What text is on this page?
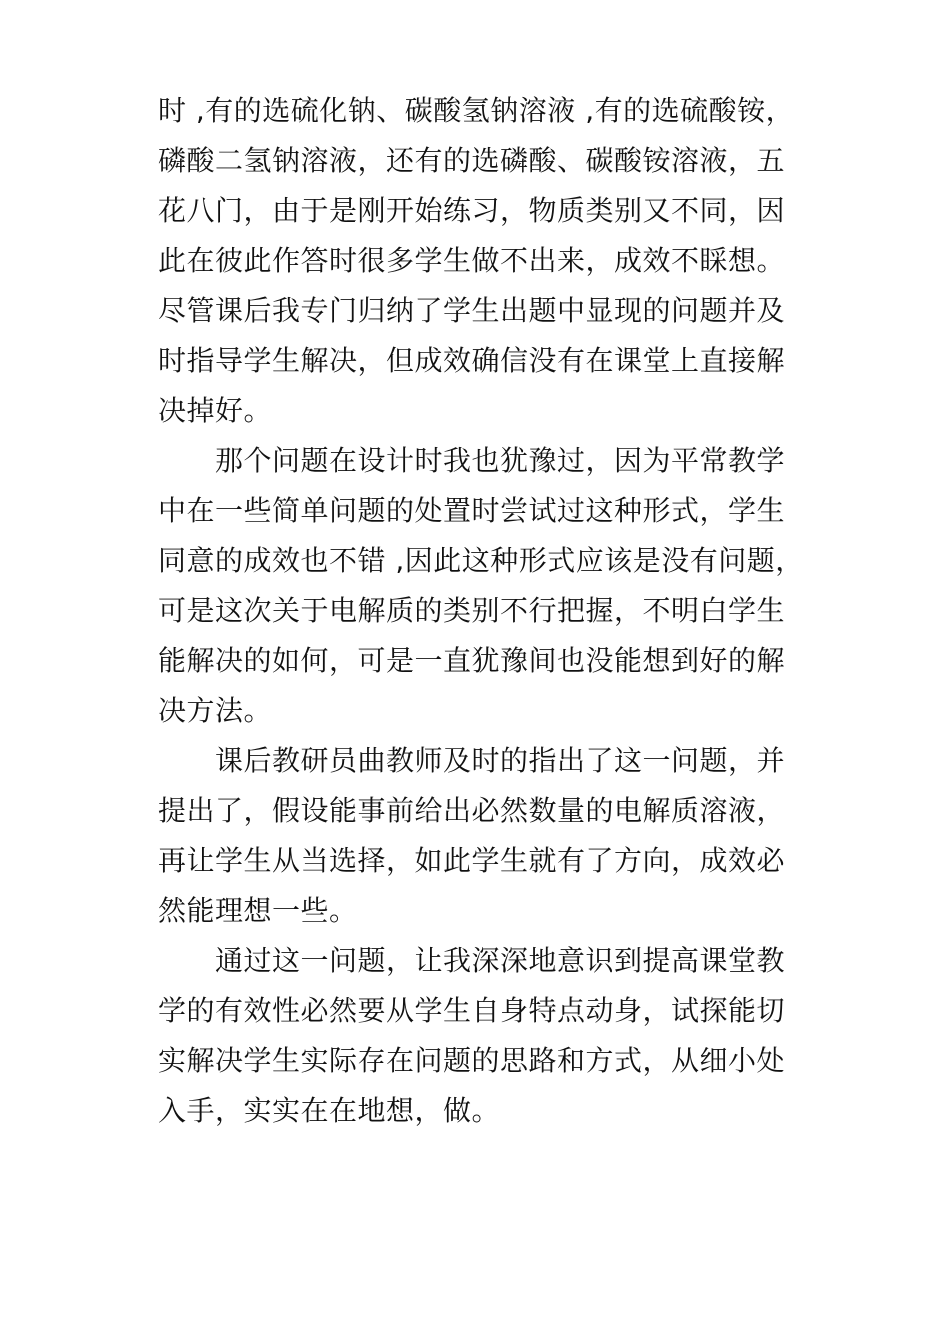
时 ,有的选硫化钠、碳酸氢钠溶液 ,有的选硫酸铵，
磷酸二氢钠溶液，还有的选磷酸、碳酸铵溶液，五
花八门，由于是刚开始练习，物质类别又不同，因
此在彼此作答时很多学生做不出来，成效不睬想。
尽管课后我专门归纳了学生出题中显现的问题并及
时指导学生解决，但成效确信没有在课堂上直接解
决掉好。
　　那个问题在设计时我也犹豫过，因为平常教学
中在一些简单问题的处置时尝试过这种形式，学生
同意的成效也不错 ,因此这种形式应该是没有问题，
可是这次关于电解质的类别不行把握，不明白学生
能解决的如何，可是一直犹豫间也没能想到好的解
决方法。
　　课后教研员曲教师及时的指出了这一问题，并
提出了，假设能事前给出必然数量的电解质溶液，
再让学生从当选择，如此学生就有了方向，成效必
然能理想一些。
　　通过这一问题，让我深深地意识到提高课堂教
学的有效性必然要从学生自身特点动身，试探能切
实解决学生实际存在问题的思路和方式，从细小处
入手，实实在在地想，做。
